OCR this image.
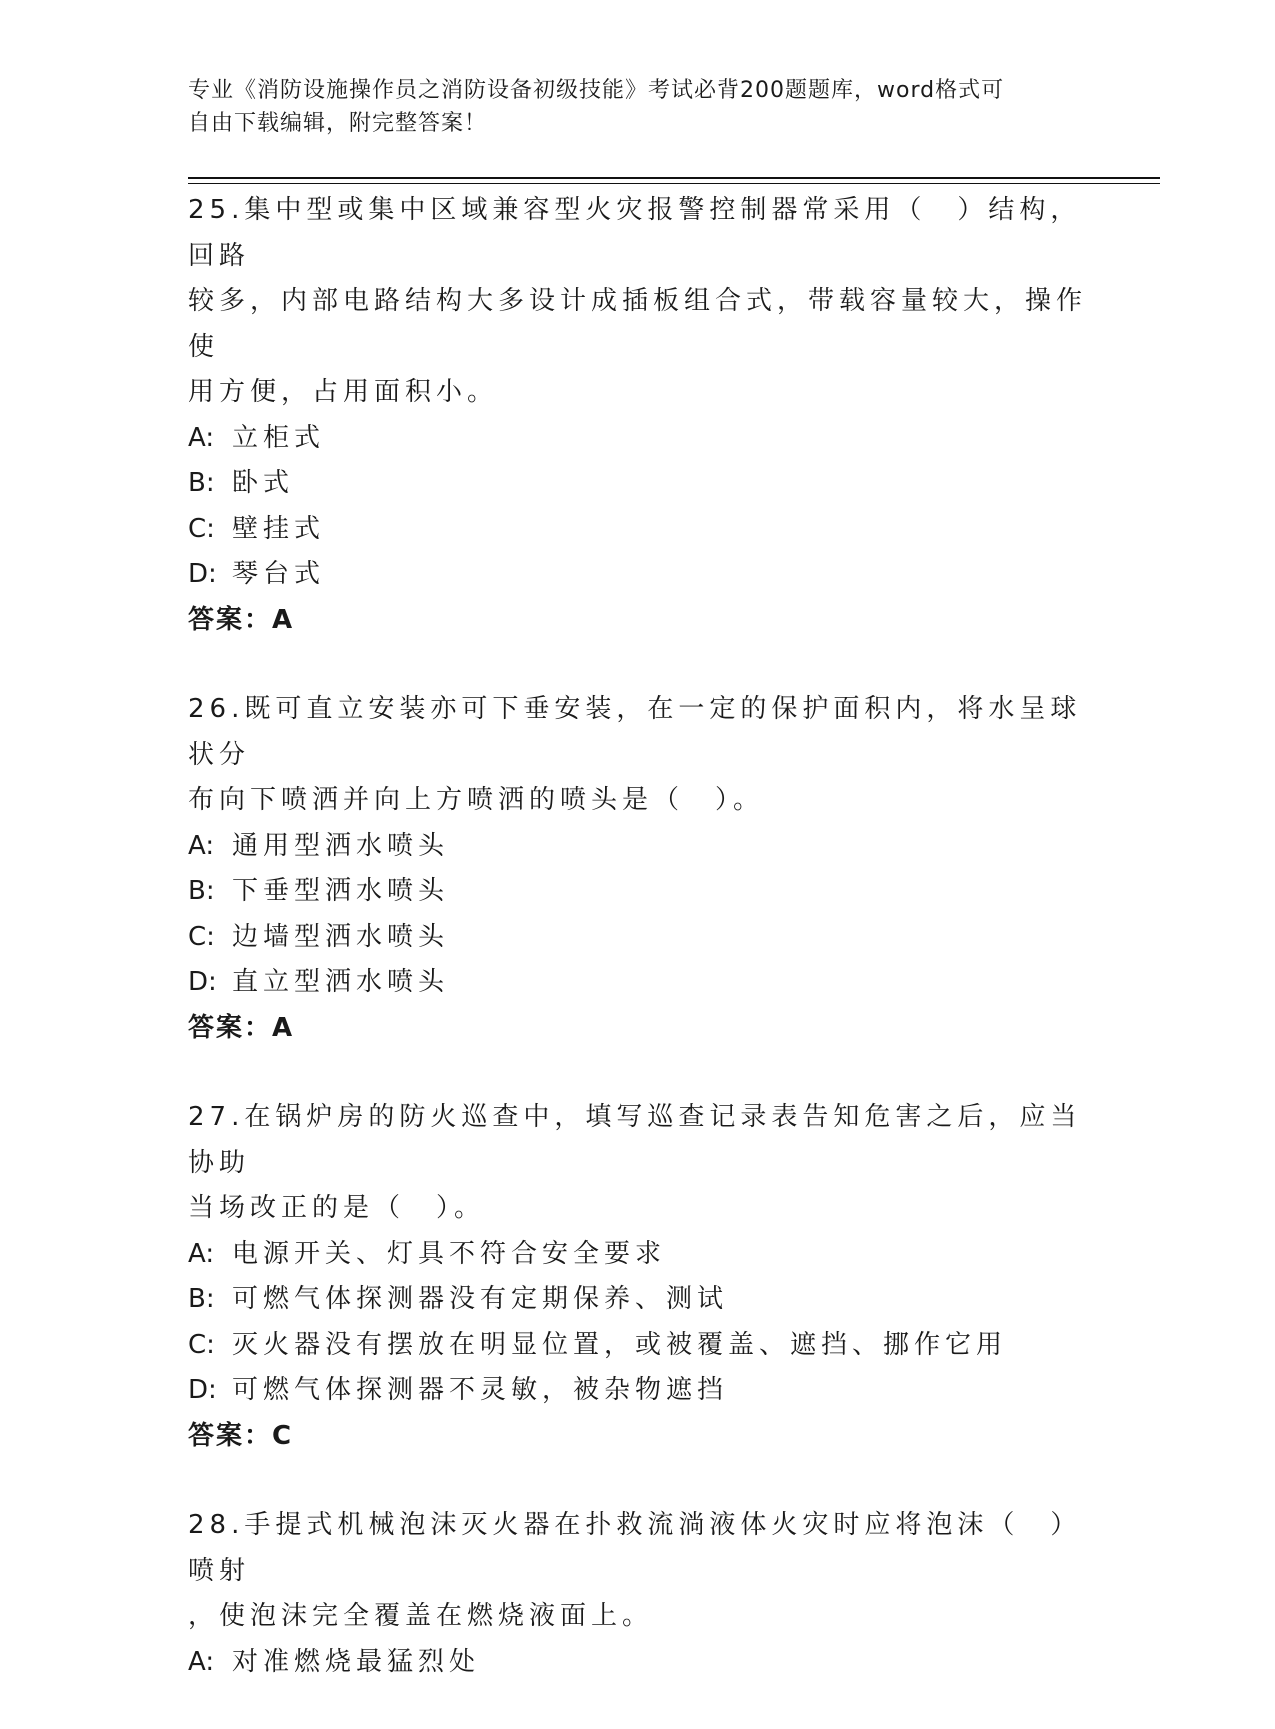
专业《消防设施操作员之消防设备初级技能》考试必背200题题库，word格式可
自由下载编辑，附完整答案！
25.集中型或集中区域兼容型火灾报警控制器常采用（　）结构，回路
较多，内部电路结构大多设计成插板组合式，带载容量较大，操作使
用方便，占用面积小。
A: 立柜式
B: 卧式
C: 壁挂式
D: 琴台式
答案：A
26.既可直立安装亦可下垂安装，在一定的保护面积内，将水呈球状分
布向下喷洒并向上方喷洒的喷头是（　）。
A: 通用型洒水喷头
B: 下垂型洒水喷头
C: 边墙型洒水喷头
D: 直立型洒水喷头
答案：A
27.在锅炉房的防火巡查中，填写巡查记录表告知危害之后，应当协助
当场改正的是（　）。
A: 电源开关、灯具不符合安全要求
B: 可燃气体探测器没有定期保养、测试
C: 灭火器没有摆放在明显位置，或被覆盖、遮挡、挪作它用
D: 可燃气体探测器不灵敏，被杂物遮挡
答案：C
28.手提式机械泡沫灭火器在扑救流淌液体火灾时应将泡沫（　）喷射
，使泡沫完全覆盖在燃烧液面上。
A: 对准燃烧最猛烈处
